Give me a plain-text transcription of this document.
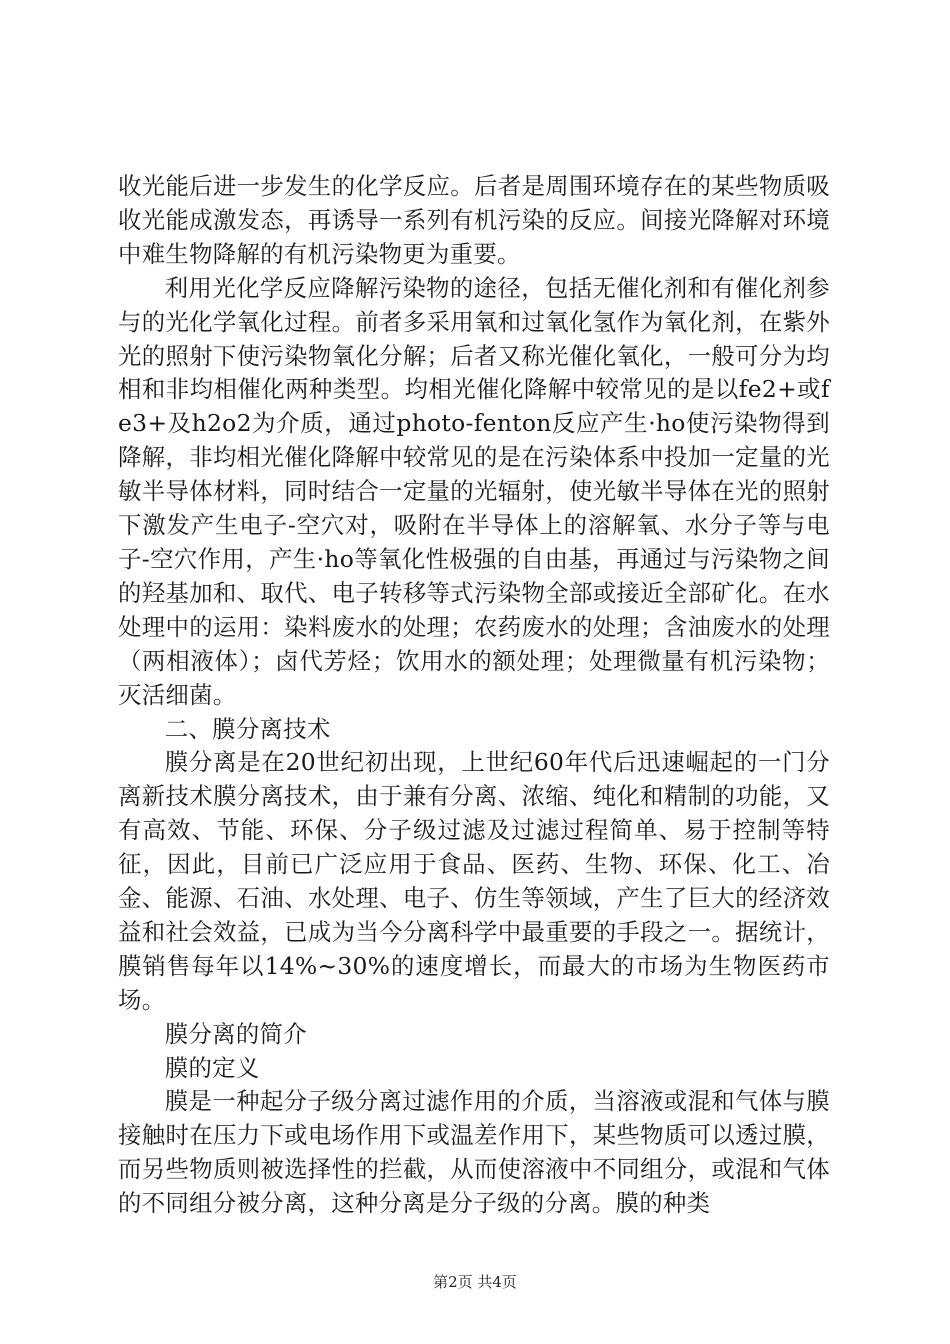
收光能后进一步发生的化学反应。后者是周围环境存在的某些物质吸收光能成激发态，再诱导一系列有机污染的反应。间接光降解对环境中难生物降解的有机污染物更为重要。

利用光化学反应降解污染物的途径，包括无催化剂和有催化剂参与的光化学氧化过程。前者多采用氧和过氧化氢作为氧化剂，在紫外光的照射下使污染物氧化分解；后者又称光催化氧化，一般可分为均相和非均相催化两种类型。均相光催化降解中较常见的是以fe2+或fe3+及h2o2为介质，通过photo-fenton反应产生·ho使污染物得到降解，非均相光催化降解中较常见的是在污染体系中投加一定量的光敏半导体材料，同时结合一定量的光辐射，使光敏半导体在光的照射下激发产生电子-空穴对，吸附在半导体上的溶解氧、水分子等与电子-空穴作用，产生·ho等氧化性极强的自由基，再通过与污染物之间的羟基加和、取代、电子转移等式污染物全部或接近全部矿化。在水处理中的运用：染料废水的处理；农药废水的处理；含油废水的处理（两相液体）；卤代芳烃；饮用水的额处理；处理微量有机污染物；灭活细菌。

二、膜分离技术

膜分离是在20世纪初出现，上世纪60年代后迅速崛起的一门分离新技术膜分离技术，由于兼有分离、浓缩、纯化和精制的功能，又有高效、节能、环保、分子级过滤及过滤过程简单、易于控制等特征，因此，目前已广泛应用于食品、医药、生物、环保、化工、冶金、能源、石油、水处理、电子、仿生等领域，产生了巨大的经济效益和社会效益，已成为当今分离科学中最重要的手段之一。据统计，膜销售每年以14%~30%的速度增长，而最大的市场为生物医药市场。

膜分离的简介

膜的定义

膜是一种起分子级分离过滤作用的介质，当溶液或混和气体与膜接触时在压力下或电场作用下或温差作用下，某些物质可以透过膜，而另些物质则被选择性的拦截，从而使溶液中不同组分，或混和气体的不同组分被分离，这种分离是分子级的分离。膜的种类

第2页 共4页
